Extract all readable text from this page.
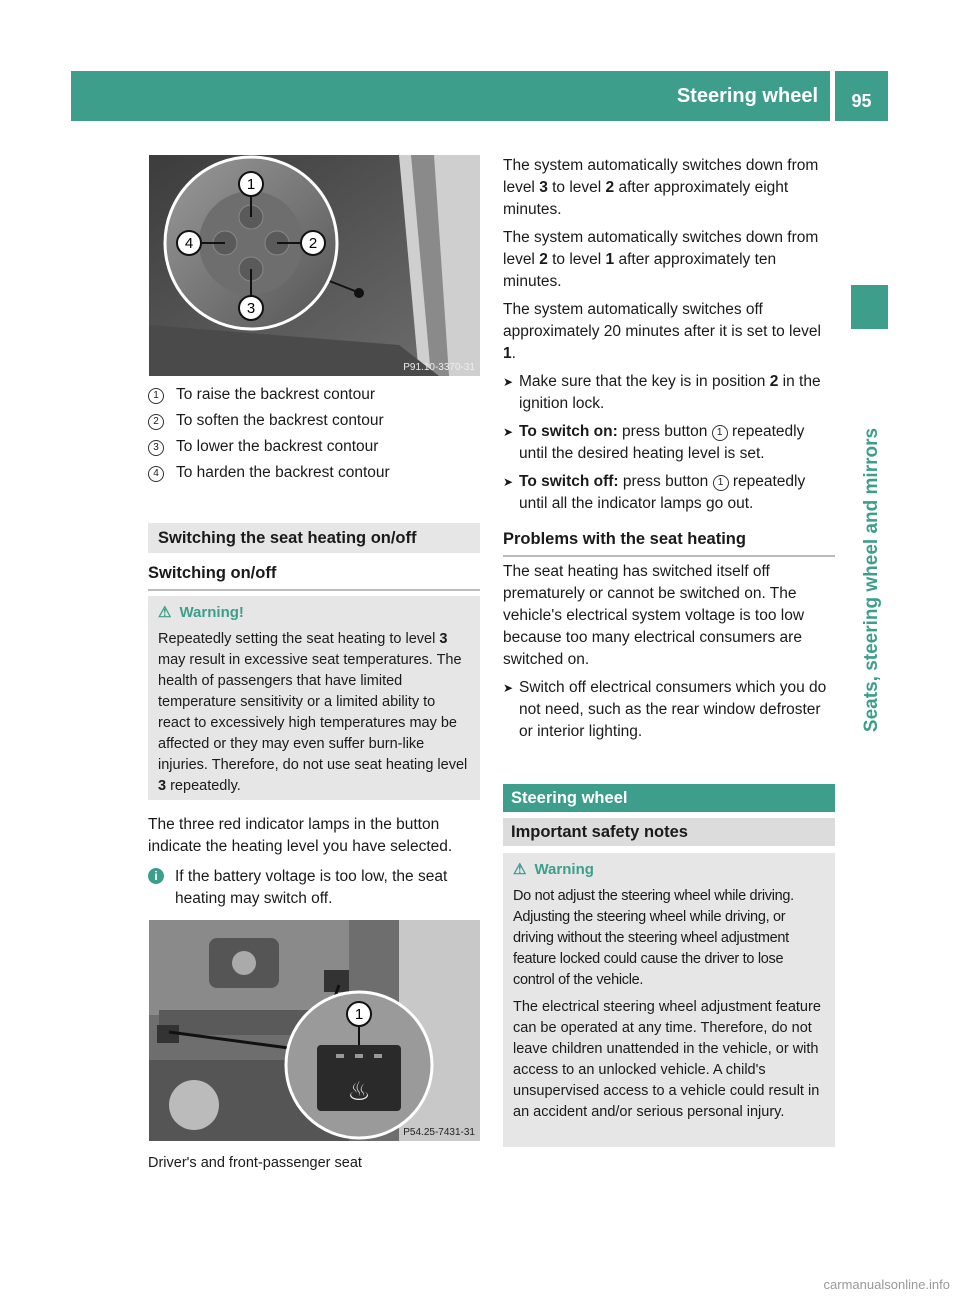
Steering wheel	95
Seats, steering wheel and mirrors
1
2
3
4
P91.10-3370-31
1 To raise the backrest contour
2 To soften the backrest contour
3 To lower the backrest contour
4 To harden the backrest contour
Switching the seat heating on/off
Switching on/off
⚠ Warning!
Repeatedly setting the seat heating to level 3 may result in excessive seat temperatures. The health of passengers that have limited temperature sensitivity or a limited ability to react to excessively high temperatures may be affected or they may even suffer burn-like injuries. Therefore, do not use seat heating level 3 repeatedly.
The three red indicator lamps in the button indicate the heating level you have selected.
i	If the battery voltage is too low, the seat heating may switch off.
♨
1
P54.25-7431-31
Driver's and front-passenger seat

The system automatically switches down from level 3 to level 2 after approximately eight minutes.

The system automatically switches down from level 2 to level 1 after approximately ten minutes.

The system automatically switches off approximately 20 minutes after it is set to level 1.

➤ Make sure that the key is in position 2 in the ignition lock.
➤ To switch on: press button 1 repeatedly until the desired heating level is set.
➤ To switch off: press button 1 repeatedly until all the indicator lamps go out.
Problems with the seat heating

The seat heating has switched itself off prematurely or cannot be switched on. The vehicle's electrical system voltage is too low because too many electrical consumers are switched on.

➤ Switch off electrical consumers which you do not need, such as the rear window defroster or interior lighting.
Steering wheel
Important safety notes
⚠ Warning

Do not adjust the steering wheel while driving. Adjusting the steering wheel while driving, or driving without the steering wheel adjustment feature locked could cause the driver to lose control of the vehicle.

The electrical steering wheel adjustment feature can be operated at any time. Therefore, do not leave children unattended in the vehicle, or with access to an unlocked vehicle. A child's unsupervised access to a vehicle could result in an accident and/or serious personal injury.

carmanualsonline.info
